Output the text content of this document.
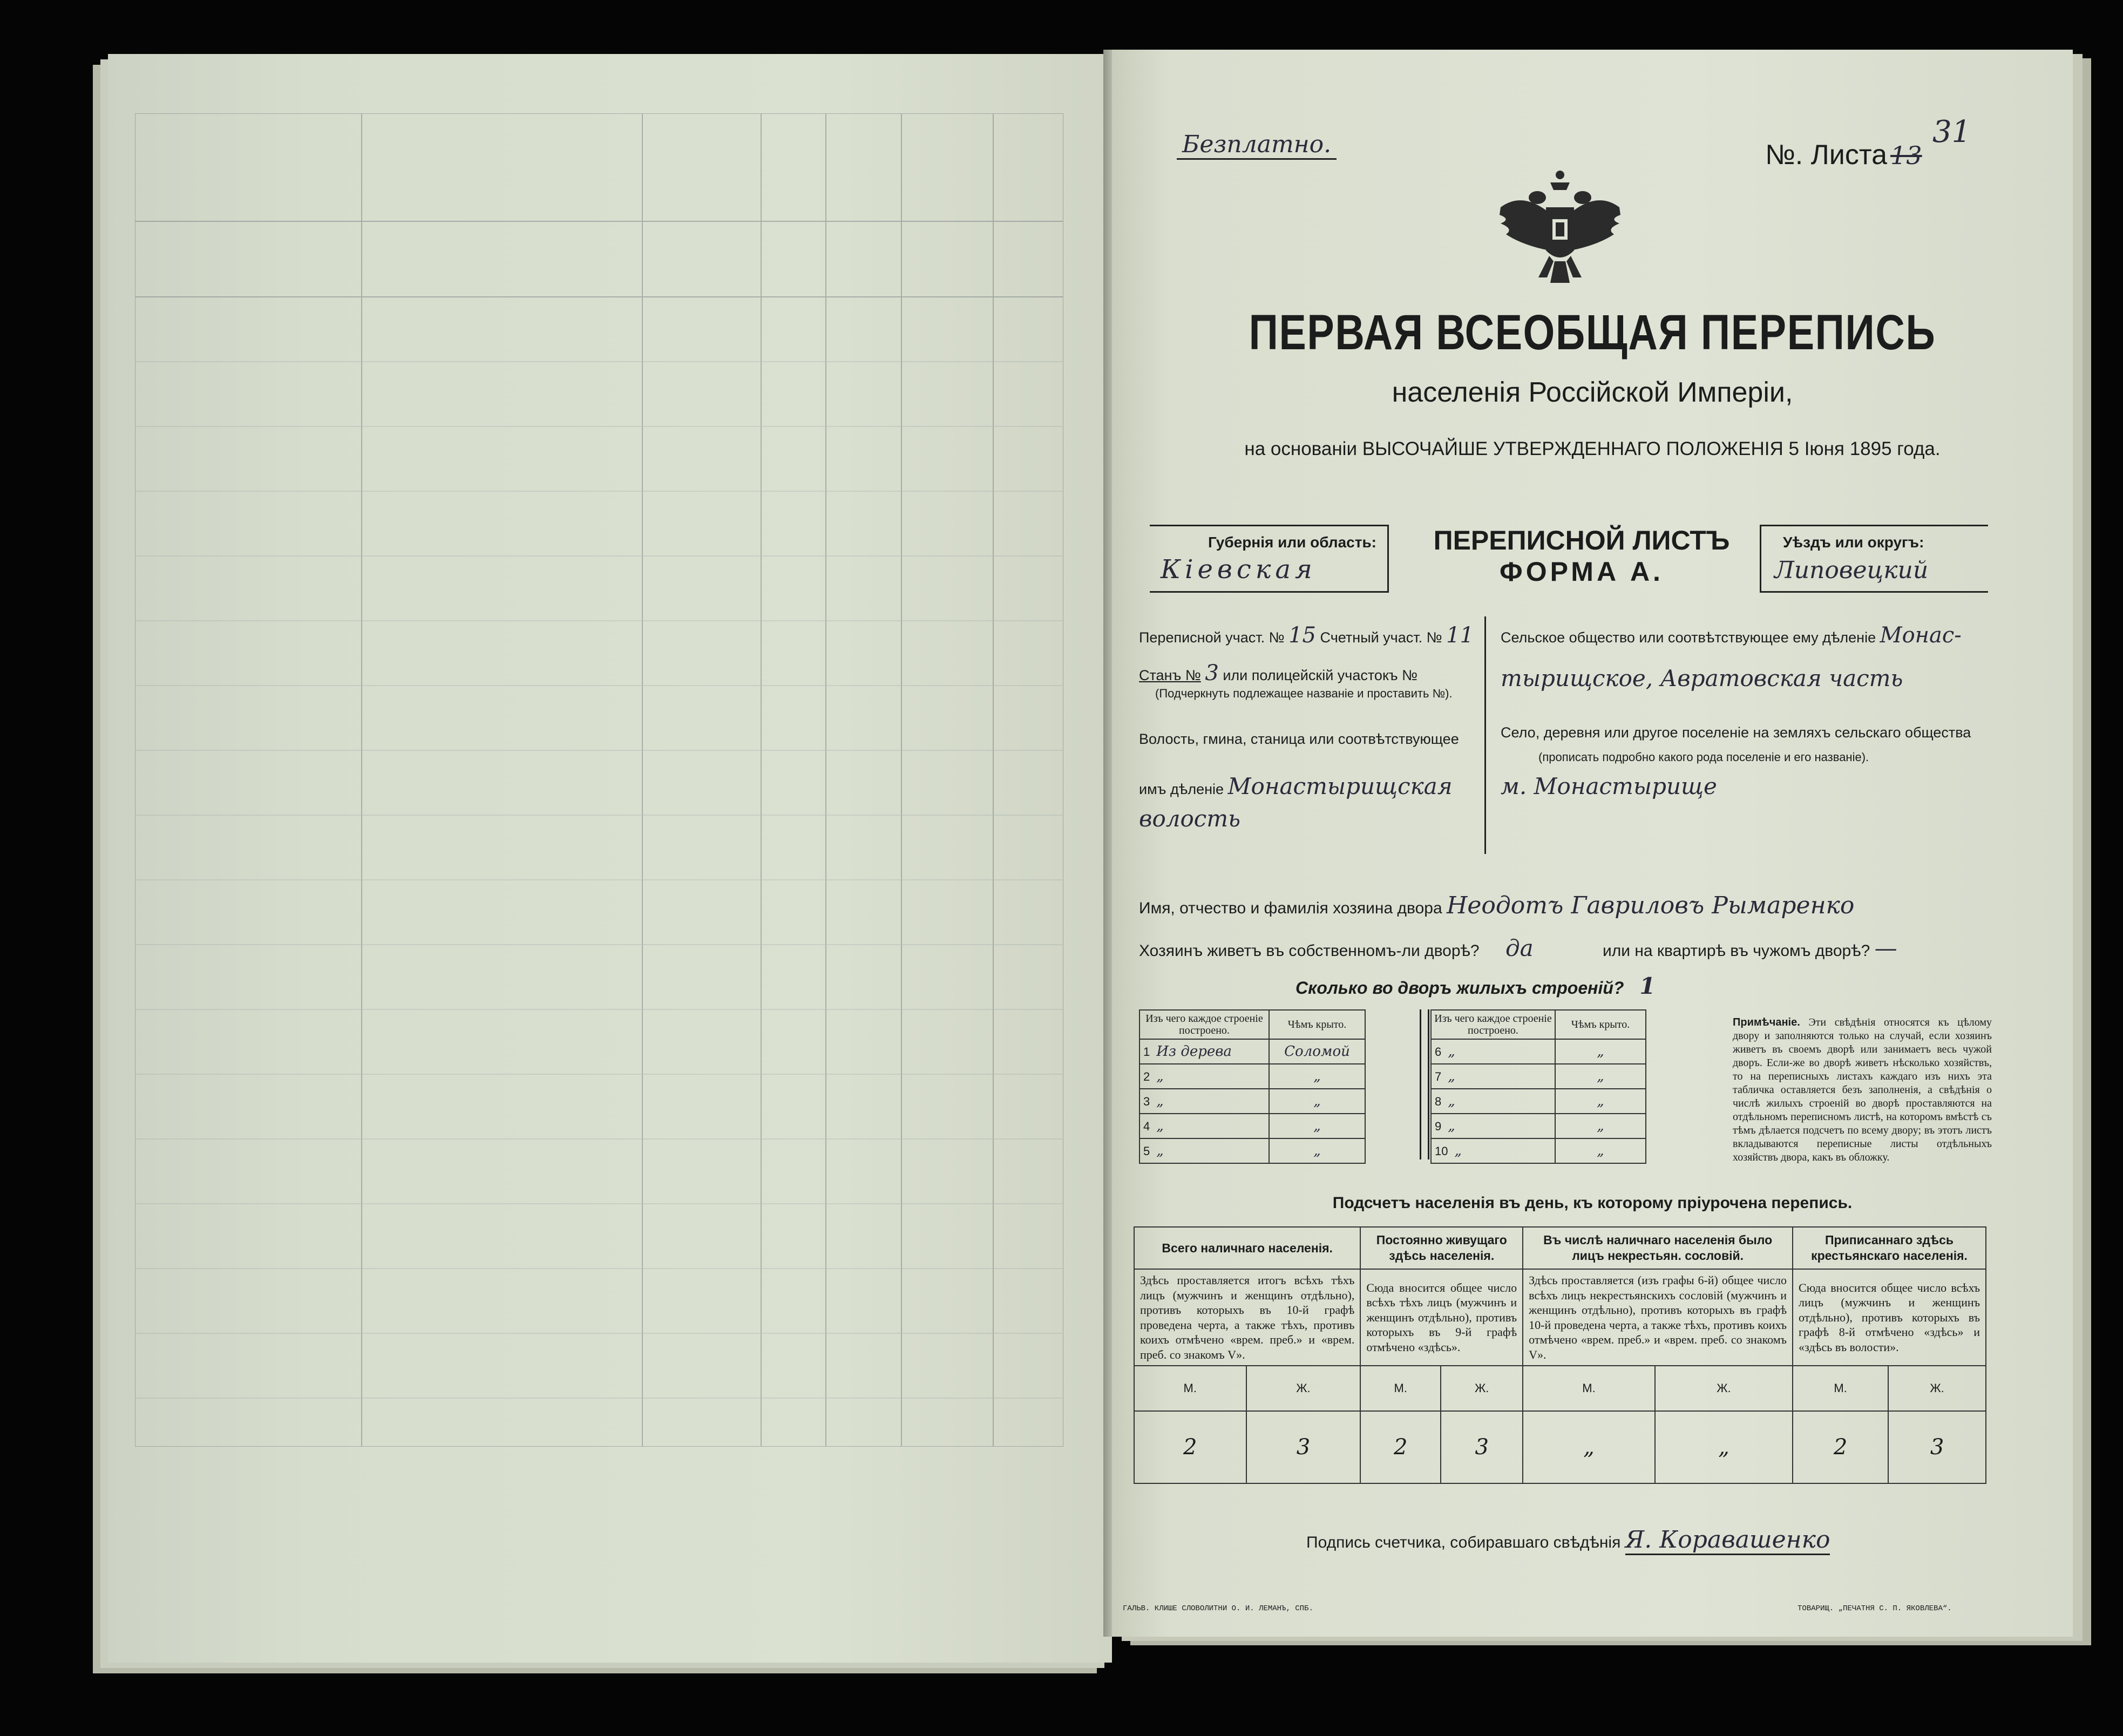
Безплатно.	№. Листа 13
31
ПЕРВАЯ ВСЕОБЩАЯ ПЕРЕПИСЬ
населенія Россійской Имперіи,
на основаніи ВЫСОЧАЙШЕ УТВЕРЖДЕННАГО ПОЛОЖЕНІЯ 5 Іюня 1895 года.
Губернія или область:
Кіевская
ПЕРЕПИСНОЙ ЛИСТЪ
ФОРМА А.
Уѣздъ или округъ:
Липовецкий
Переписной участ. № 15 Счетный участ. № 11
Станъ № 3 или полицейскій участокъ №
(Подчеркнуть подлежащее названіе и проставить №).
Волость, гмина, станица или соотвѣтствующее
имъ дѣленіе Монастырищская
волость
Сельское общество или соотвѣтствующее ему дѣленіе Монас-
тырищское, Авратовская часть
Село, деревня или другое поселеніе на земляхъ сельскаго общества
(прописать подробно какого рода поселеніе и его названіе).
м. Монастырище
Имя, отчество и фамилія хозяина двора Неодотъ Гавриловъ Рымаренко
Хозяинъ живетъ въ собственномъ-ли дворѣ? да	или на квартирѣ въ чужомъ дворѣ? —
Сколько во дворъ жилыхъ строеній? 1
Изъ чего каждое строеніе построено.	Чѣмъ крыто.
1 Из дерева	Соломой
2 „	„
3 „	„
4 „	„
5 „	„
Изъ чего каждое строеніе построено.	Чѣмъ крыто.
6 „	„
7 „	„
8 „	„
9 „	„
10 „	„
Примѣчаніе. Эти свѣдѣнія относятся къ цѣлому двору и заполняются только на случай, если хозяинъ живетъ въ своемъ дворѣ или занимаетъ весь чужой дворъ. Если-же во дворѣ живетъ нѣсколько хозяйствъ, то на переписныхъ листахъ каждаго изъ нихъ эта табличка оставляется безъ заполненія, а свѣдѣнія о числѣ жилыхъ строеній во дворѣ проставляются на отдѣльномъ переписномъ листѣ, на которомъ вмѣстѣ съ тѣмъ дѣлается подсчетъ по всему двору; въ этотъ листъ вкладываются переписные листы отдѣльныхъ хозяйствъ двора, какъ въ обложку.
Подсчетъ населенія въ день, къ которому пріурочена перепись.
Всего наличнаго населенія.		Постоянно живущаго здѣсь населенія.		Въ числѣ наличнаго населенія было лицъ некрестьян. сословій.		Приписаннаго здѣсь крестьянскаго населенія.	
Здѣсь проставляется итогъ всѣхъ тѣхъ лицъ (мужчинъ и женщинъ отдѣльно), противъ которыхъ въ 10-й графѣ проведена черта, а также тѣхъ, противъ коихъ отмѣчено «врем. преб.» и «врем. преб. со знакомъ V».		Сюда вносится общее число всѣхъ тѣхъ лицъ (мужчинъ и женщинъ отдѣльно), противъ которыхъ въ 9-й графѣ отмѣчено «здѣсь».		Здѣсь проставляется (изъ графы 6-й) общее число всѣхъ лицъ некрестьянскихъ сословій (мужчинъ и женщинъ отдѣльно), противъ которыхъ въ графѣ 10-й проведена черта, а также тѣхъ, противъ коихъ отмѣчено «врем. преб.» и «врем. преб. со знакомъ V».		Сюда вносится общее число всѣхъ лицъ (мужчинъ и женщинъ отдѣльно), противъ которыхъ въ графѣ 8-й отмѣчено «здѣсь» и «здѣсь въ волости».	
М.	Ж.	М.	Ж.	М.	Ж.	М.	Ж.
2	3	2	3	„	„	2	3
Подпись счетчика, собиравшаго свѣдѣнія Я. Коравашенко
ГАЛЬВ. КЛИШЕ СЛОВОЛИТНИ О. И. ЛЕМАНЪ, СПБ.	ТОВАРИЩ. „ПЕЧАТНЯ С. П. ЯКОВЛЕВА“.
